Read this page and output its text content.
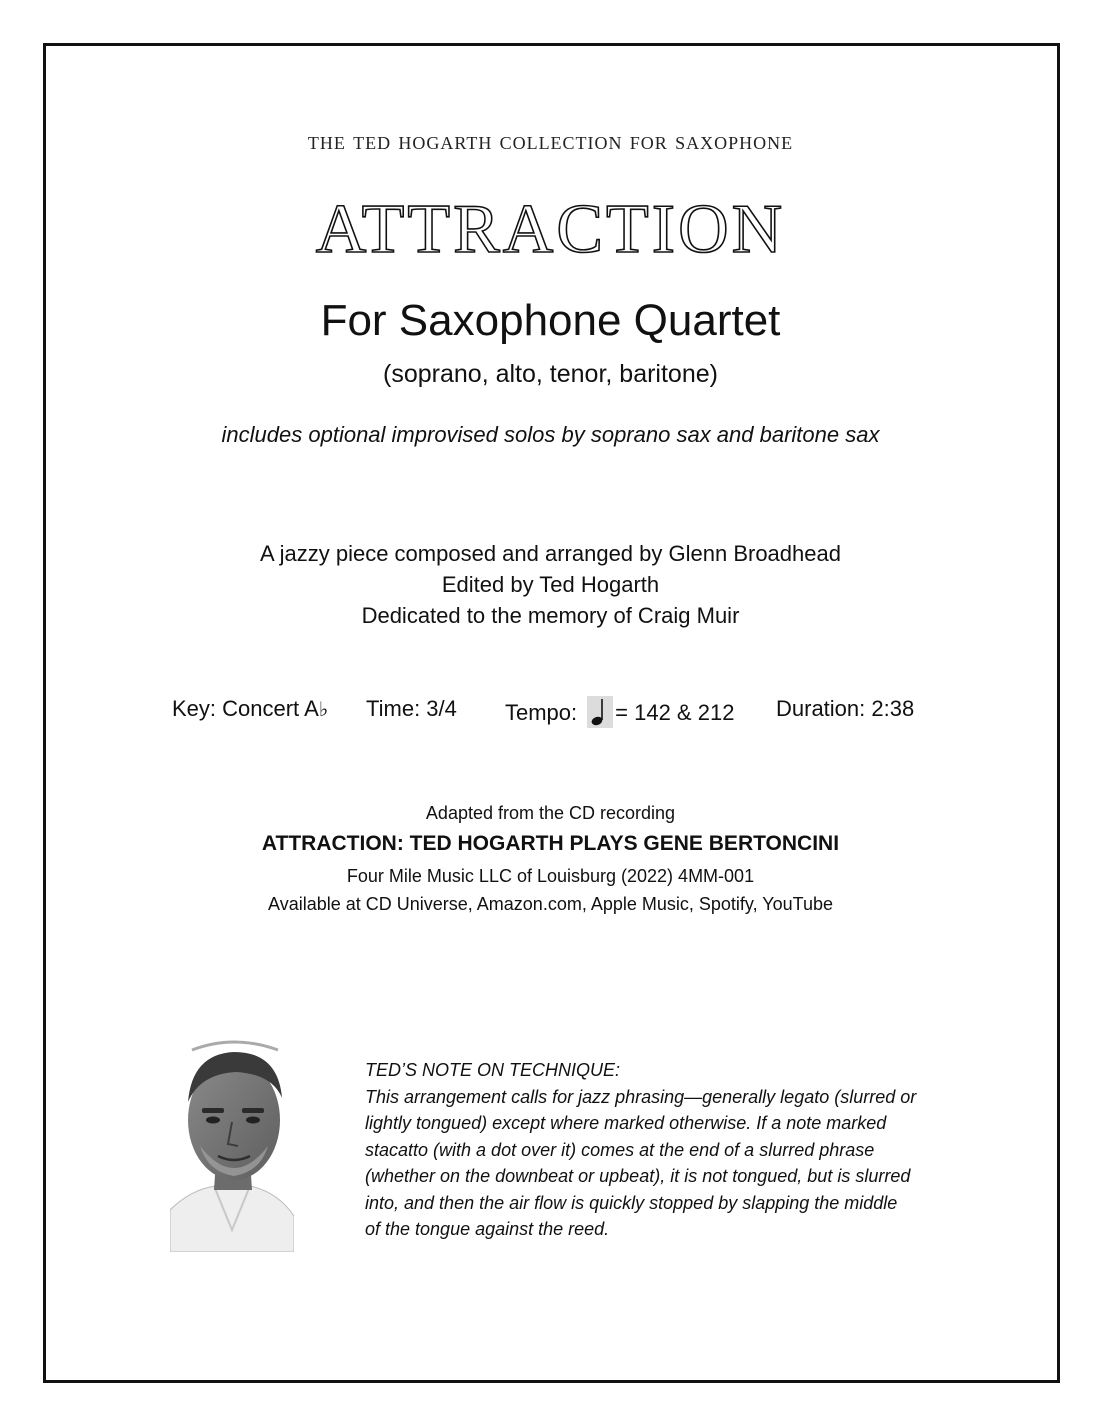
the ted hogarth collection for saxophone
ATTRACTION
For Saxophone Quartet
(soprano, alto, tenor, baritone)
includes optional improvised solos by soprano sax and baritone sax
A jazzy piece composed and arranged by Glenn Broadhead
Edited by Ted Hogarth
Dedicated to the memory of Craig Muir
Key: Concert A♭ Time: 3/4 Tempo: = 142 & 212 Duration: 2:38
Adapted from the CD recording
ATTRACTION: TED HOGARTH PLAYS GENE BERTONCINI
Four Mile Music LLC of Louisburg (2022) 4MM-001
Available at CD Universe, Amazon.com, Apple Music, Spotify, YouTube
TED’S NOTE ON TECHNIQUE:
This arrangement calls for jazz phrasing—generally legato (slurred or
lightly tongued) except where marked otherwise. If a note marked
stacatto (with a dot over it) comes at the end of a slurred phrase
(whether on the downbeat or upbeat), it is not tongued, but is slurred
into, and then the air flow is quickly stopped by slapping the middle
of the tongue against the reed.
